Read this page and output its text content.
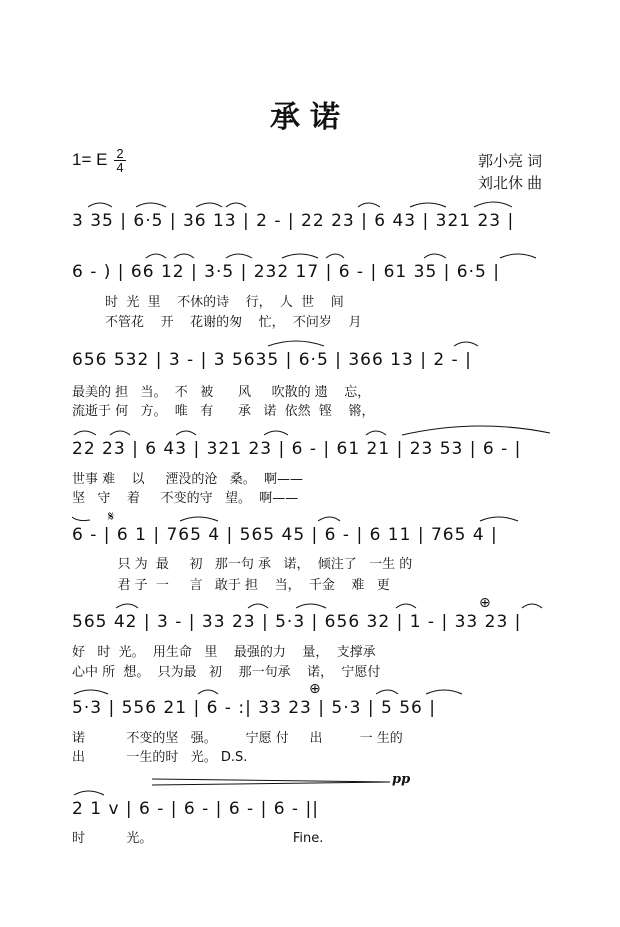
承诺
1= E 2
4	郭小亮 词
刘北休 曲
3 35 | 6·5 | 36 13 | 2 - | 22 23 | 6 43 | 321 23 |
6 - ) | 66 12 | 3·5 | 232 17 | 6 - | 61 35 | 6·5 |
时  光  里    不休的诗    行，  人  世    间
不管花    开    花谢的匆    忙，  不问岁    月
656 532 | 3 - | 3 5635 | 6·5 | 366 13 | 2 - |
最美的 担   当。  不   被      风     吹散的 遗    忘，
流逝于 何   方。  唯   有      承   诺  依然  铿    锵，
22 23 | 6 43 | 321 23 | 6 - | 61 21 | 23 53 | 6 - |
世事 难    以     湮没的沧   桑。  啊——
坚   守    着     不变的守   望。  啊——
𝄋
6 - | 6 1 | 765 4 | 565 45 | 6 - | 6 11 | 765 4 |
只 为  最     初   那一句 承   诺，  倾注了   一生 的
君 子  一     言   敢于 担    当，  千金    难   更
⊕
565 42 | 3 - | 33 23 | 5·3 | 656 32 | 1 - | 33 23 |
好   时  光。  用生命   里    最强的力    量，  支撑承
心中 所  想。  只为最   初    那一句承    诺，  宁愿付
⊕
5·3 | 556 21 | 6 - :| 33 23 | 5·3 | 5 56 |
诺          不变的坚   强。       宁愿 付     出         一 生的
出          一生的时   光。 D.S.
pp
2 1 v | 6 - | 6 - | 6 - | 6 - ||
时          光。                                  Fine.
